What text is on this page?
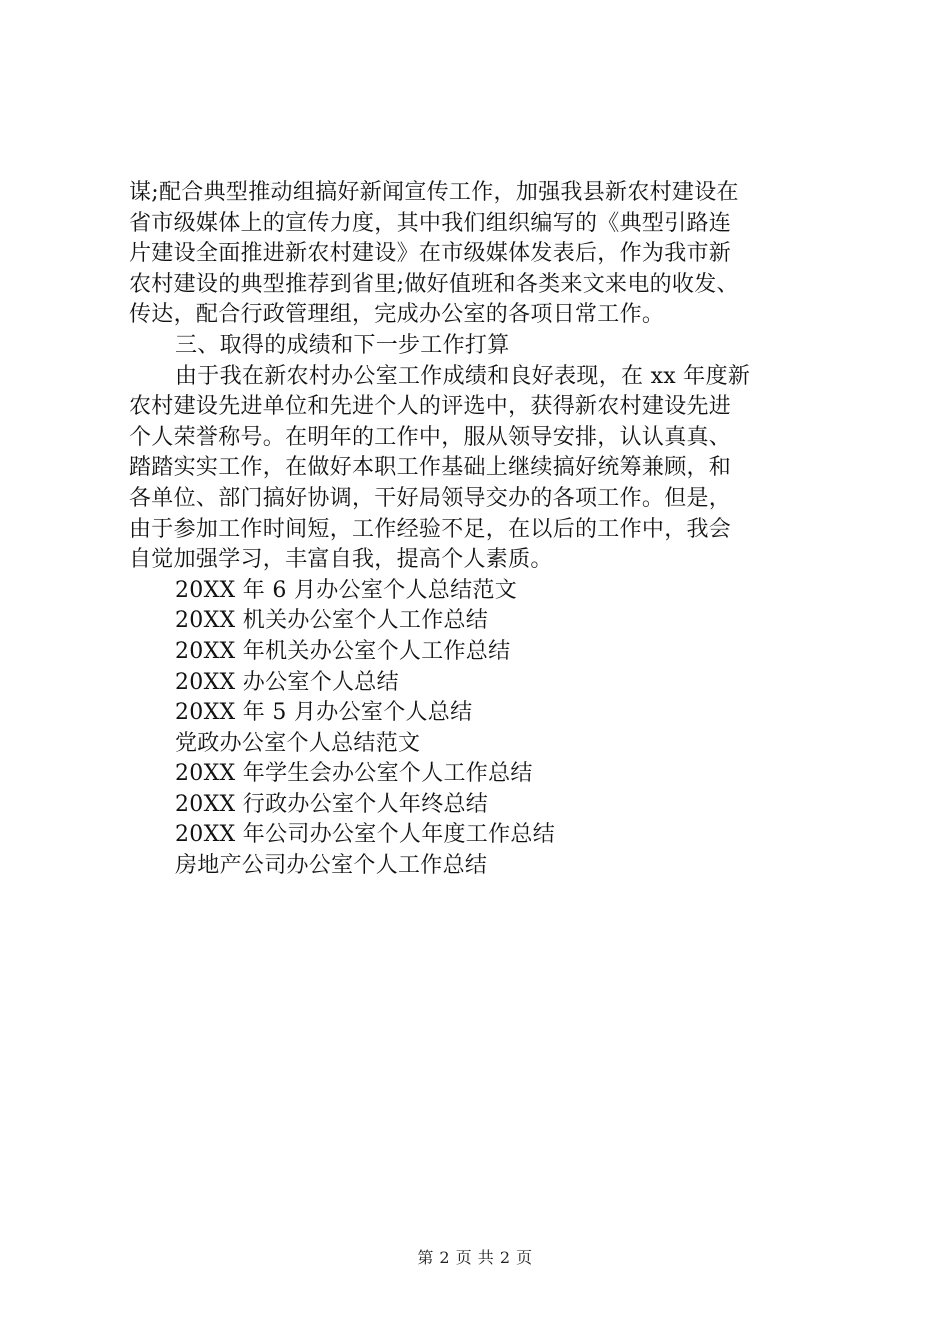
谋;配合典型推动组搞好新闻宣传工作，加强我县新农村建设在
省市级媒体上的宣传力度，其中我们组织编写的《典型引路连
片建设全面推进新农村建设》在市级媒体发表后，作为我市新
农村建设的典型推荐到省里;做好值班和各类来文来电的收发、
传达，配合行政管理组，完成办公室的各项日常工作。
三、取得的成绩和下一步工作打算
由于我在新农村办公室工作成绩和良好表现，在 xx 年度新
农村建设先进单位和先进个人的评选中，获得新农村建设先进
个人荣誉称号。在明年的工作中，服从领导安排，认认真真、
踏踏实实工作，在做好本职工作基础上继续搞好统筹兼顾，和
各单位、部门搞好协调，干好局领导交办的各项工作。但是，
由于参加工作时间短，工作经验不足，在以后的工作中，我会
自觉加强学习，丰富自我，提高个人素质。
20XX 年 6 月办公室个人总结范文
20XX 机关办公室个人工作总结
20XX 年机关办公室个人工作总结
20XX 办公室个人总结
20XX 年 5 月办公室个人总结
党政办公室个人总结范文
20XX 年学生会办公室个人工作总结
20XX 行政办公室个人年终总结
20XX 年公司办公室个人年度工作总结
房地产公司办公室个人工作总结
第 2 页 共 2 页
